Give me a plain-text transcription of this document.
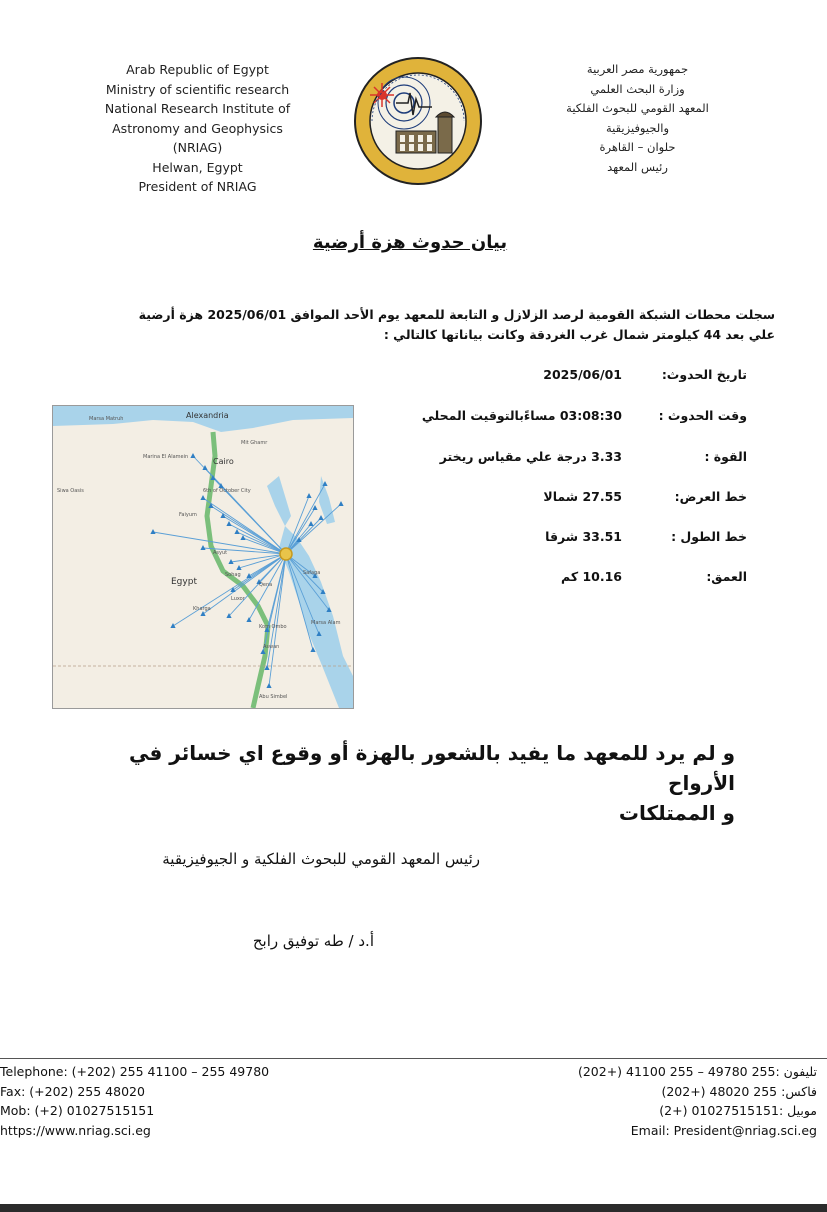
Arab Republic of Egypt
Ministry of scientific research
National Research Institute of
Astronomy and Geophysics
(NRIAG)
Helwan, Egypt
President of NRIAG
جمهورية مصر العربية
وزارة البحث العلمي
المعهد القومي للبحوث الفلكية
والجيوفيزيقية
حلوان – القاهرة
رئيس المعهد
بيان حدوث هزة أرضية
سجلت محطات الشبكة القومية لرصد الزلازل و التابعة للمعهد يوم الأحد الموافق 2025/06/01 هزة أرضية
علي بعد 44 كيلومتر شمال غرب الغردقة وكانت بياناتها كالتالي :
تاريخ الحدوث:
2025/06/01
وقت الحدوث :
03:08:30 مساءًبالتوقيت المحلي
القوة :
3.33 درجة علي مقياس ريختر
خط العرض:
27.55 شمالا
خط الطول :
33.51 شرقا
العمق:
10.16 كم
Alexandria
Marsa Matruh
Marina El Alamein
Siwa Oasis
Cairo
Mit Ghamr
6th of October City
Faiyum
Egypt
Asyut
Sohag
Qena
Luxor
Kharga
Safaga
Marsa Alam
Kom Ombo
Aswan
Abu Simbel
و لم يرد للمعهد ما يفيد بالشعور بالهزة أو وقوع اي خسائر في الأرواح
و الممتلكات
رئيس المعهد القومي للبحوث الفلكية و الجيوفيزيقية
أ.د / طه توفيق رابح
Telephone: (+202) 255 41100 – 255 49780
Fax: (+202) 255 48020
Mob: (+2) 01027515151
https://www.nriag.sci.eg
تليفون :255 49780 – 255 41100 (+202)
فاكس: 255 48020 (+202)
موبيل :01027515151 (+2)
Email: President@nriag.sci.eg
